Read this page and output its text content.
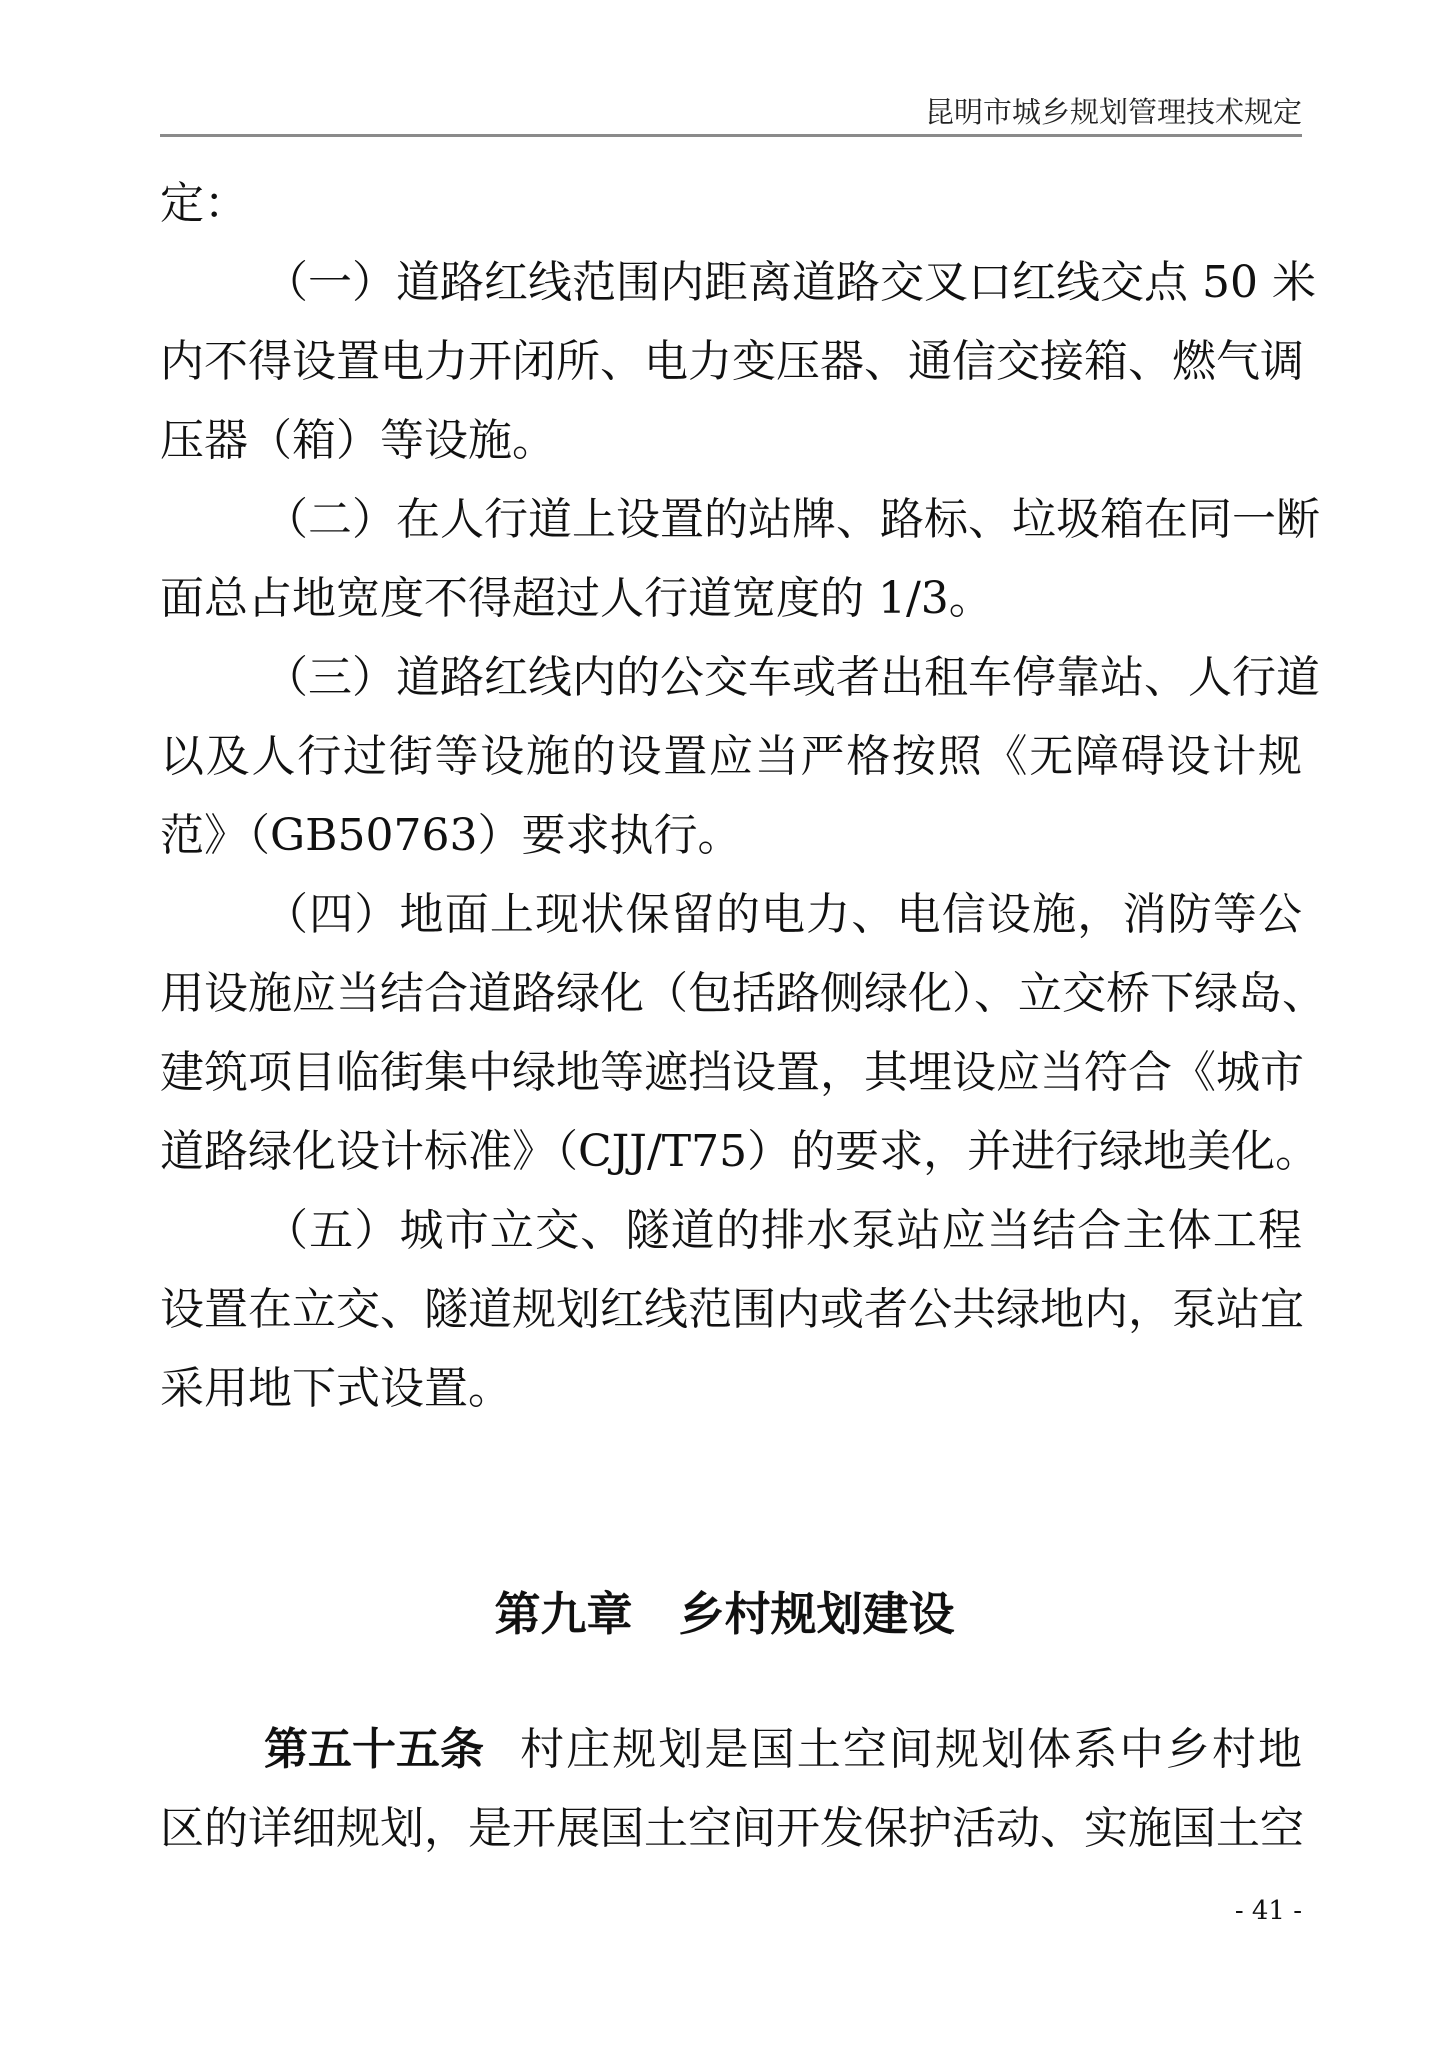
昆明市城乡规划管理技术规定
定：
（一）道路红线范围内距离道路交叉口红线交点 50 米
内不得设置电力开闭所、电力变压器、通信交接箱、燃气调
压器（箱）等设施。
（二）在人行道上设置的站牌、路标、垃圾箱在同一断
面总占地宽度不得超过人行道宽度的 1/3。
（三）道路红线内的公交车或者出租车停靠站、人行道
以及人行过街等设施的设置应当严格按照《无障碍设计规
范》（GB50763）要求执行。
（四）地面上现状保留的电力、电信设施，消防等公
用设施应当结合道路绿化（包括路侧绿化）、立交桥下绿岛、
建筑项目临街集中绿地等遮挡设置，其埋设应当符合《城市
道路绿化设计标准》（CJJ/T75）的要求，并进行绿地美化。
（五）城市立交、隧道的排水泵站应当结合主体工程
设置在立交、隧道规划红线范围内或者公共绿地内，泵站宜
采用地下式设置。
第九章　乡村规划建设
第五十五条 村庄规划是国土空间规划体系中乡村地
区的详细规划，是开展国土空间开发保护活动、实施国土空
- 41 -
